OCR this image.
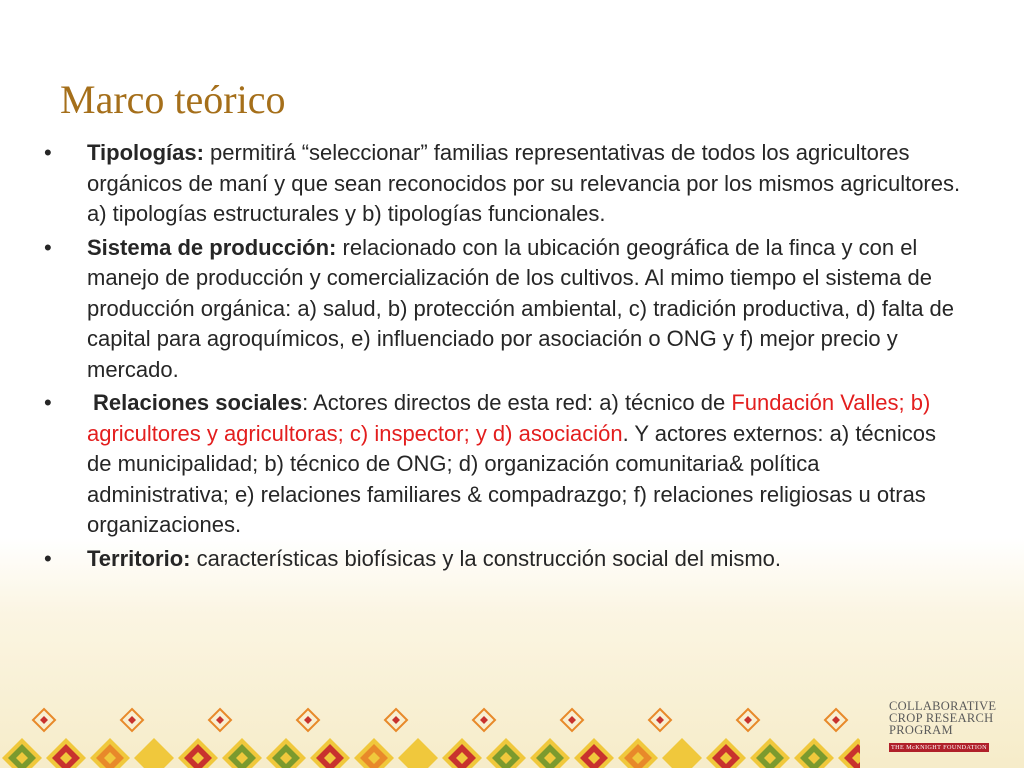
Marco teórico
• Tipologías: permitirá “seleccionar” familias representativas de todos los agricultores orgánicos de maní y que sean reconocidos por su relevancia por los mismos agricultores. a) tipologías estructurales y b) tipologías funcionales.
• Sistema de producción: relacionado con la ubicación geográfica de la finca y con el manejo de producción y comercialización de los cultivos. Al mimo tiempo el sistema de producción orgánica: a) salud, b) protección ambiental, c) tradición productiva, d) falta de capital para agroquímicos, e) influenciado por asociación o ONG y f) mejor precio y mercado.
• Relaciones sociales: Actores directos de esta red: a) técnico de Fundación Valles; b) agricultores y agricultoras; c) inspector; y d) asociación. Y actores externos: a) técnicos de municipalidad; b) técnico de ONG; d) organización comunitaria& política administrativa; e) relaciones familiares & compadrazgo; f) relaciones religiosas u otras organizaciones.
• Territorio: características biofísicas y la construcción social del mismo.
COLLABORATIVE
CROP RESEARCH
PROGRAM
THE McKNIGHT FOUNDATION
